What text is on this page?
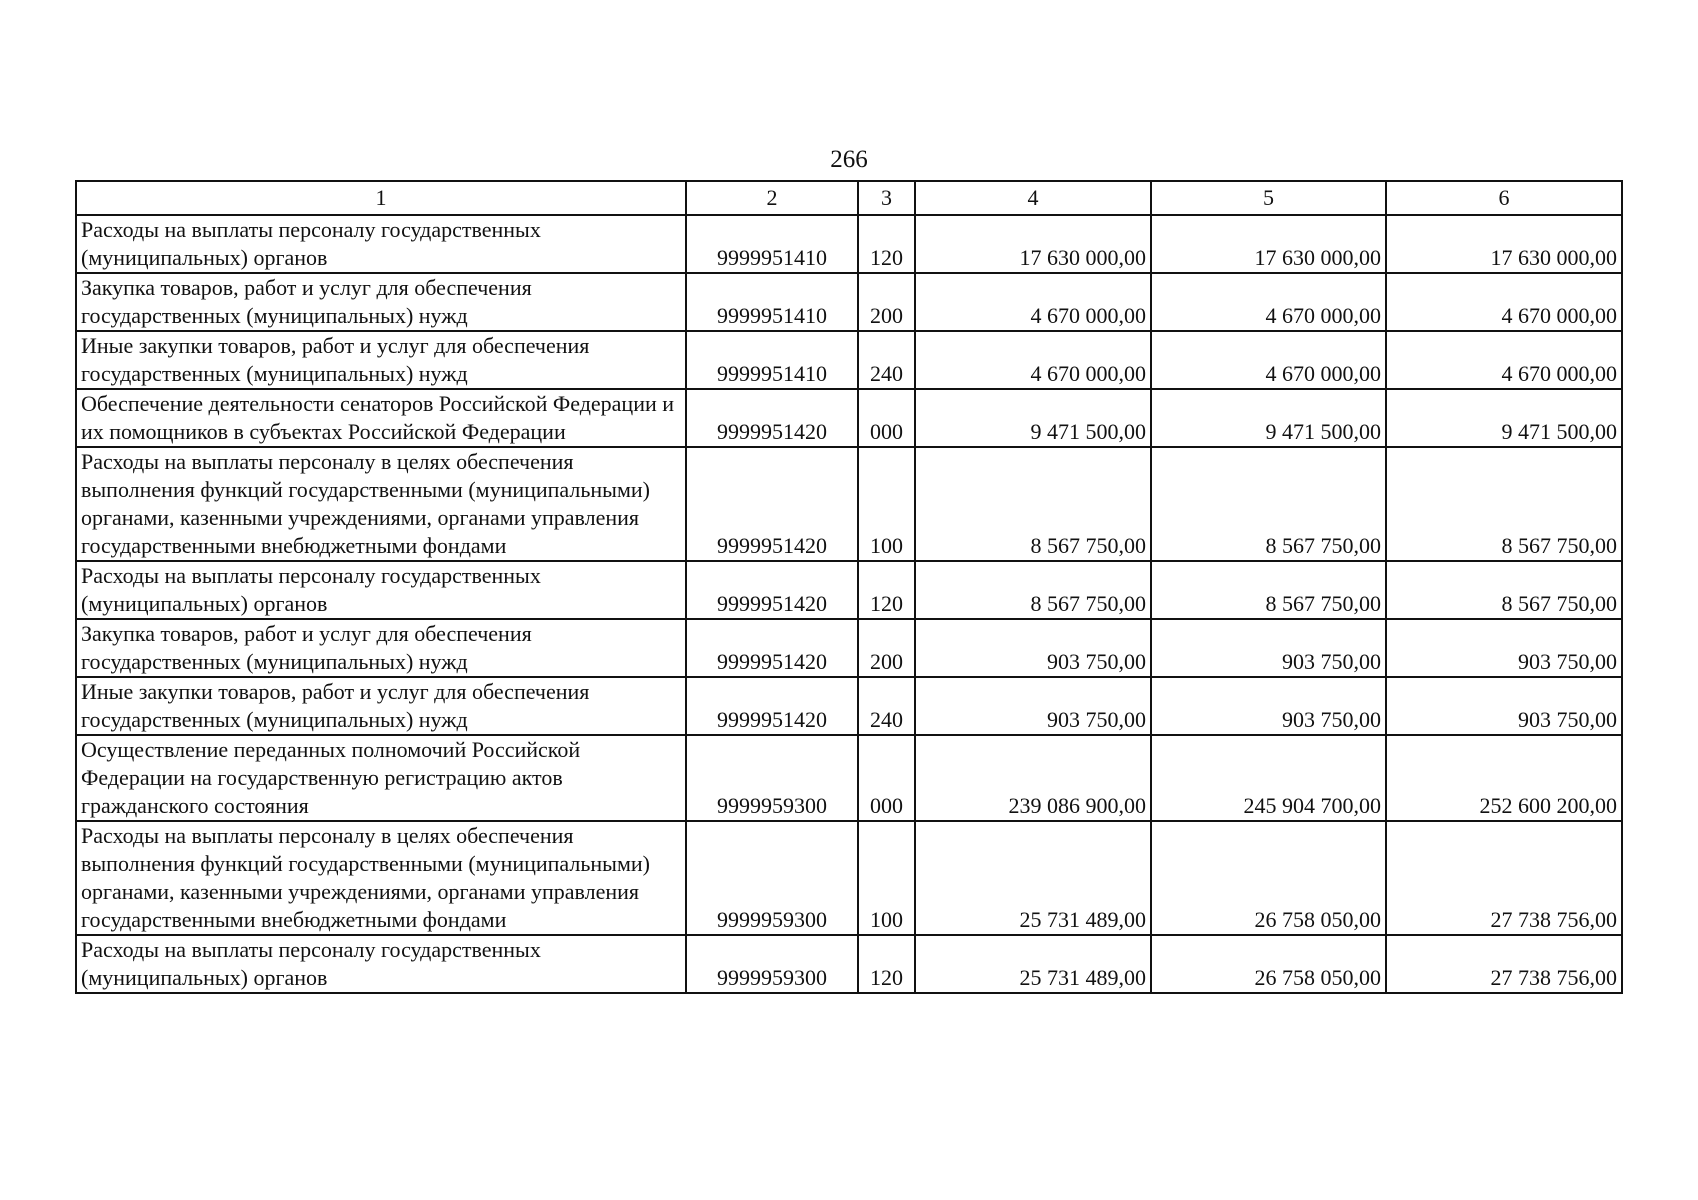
266
1	2	3	4	5	6
Расходы на выплаты персоналу государственных (муниципальных) органов	9999951410	120	17 630 000,00	17 630 000,00	17 630 000,00
Закупка товаров, работ и услуг для обеспечения государственных (муниципальных) нужд	9999951410	200	4 670 000,00	4 670 000,00	4 670 000,00
Иные закупки товаров, работ и услуг для обеспечения государственных (муниципальных) нужд	9999951410	240	4 670 000,00	4 670 000,00	4 670 000,00
Обеспечение деятельности сенаторов Российской Федерации и их помощников в субъектах Российской Федерации	9999951420	000	9 471 500,00	9 471 500,00	9 471 500,00
Расходы на выплаты персоналу в целях обеспечения выполнения функций государственными (муниципальными) органами, казенными учреждениями, органами управления государственными внебюджетными фондами	9999951420	100	8 567 750,00	8 567 750,00	8 567 750,00
Расходы на выплаты персоналу государственных (муниципальных) органов	9999951420	120	8 567 750,00	8 567 750,00	8 567 750,00
Закупка товаров, работ и услуг для обеспечения государственных (муниципальных) нужд	9999951420	200	903 750,00	903 750,00	903 750,00
Иные закупки товаров, работ и услуг для обеспечения государственных (муниципальных) нужд	9999951420	240	903 750,00	903 750,00	903 750,00
Осуществление переданных полномочий Российской Федерации на государственную регистрацию актов гражданского состояния	9999959300	000	239 086 900,00	245 904 700,00	252 600 200,00
Расходы на выплаты персоналу в целях обеспечения выполнения функций государственными (муниципальными) органами, казенными учреждениями, органами управления государственными внебюджетными фондами	9999959300	100	25 731 489,00	26 758 050,00	27 738 756,00
Расходы на выплаты персоналу государственных (муниципальных) органов	9999959300	120	25 731 489,00	26 758 050,00	27 738 756,00
